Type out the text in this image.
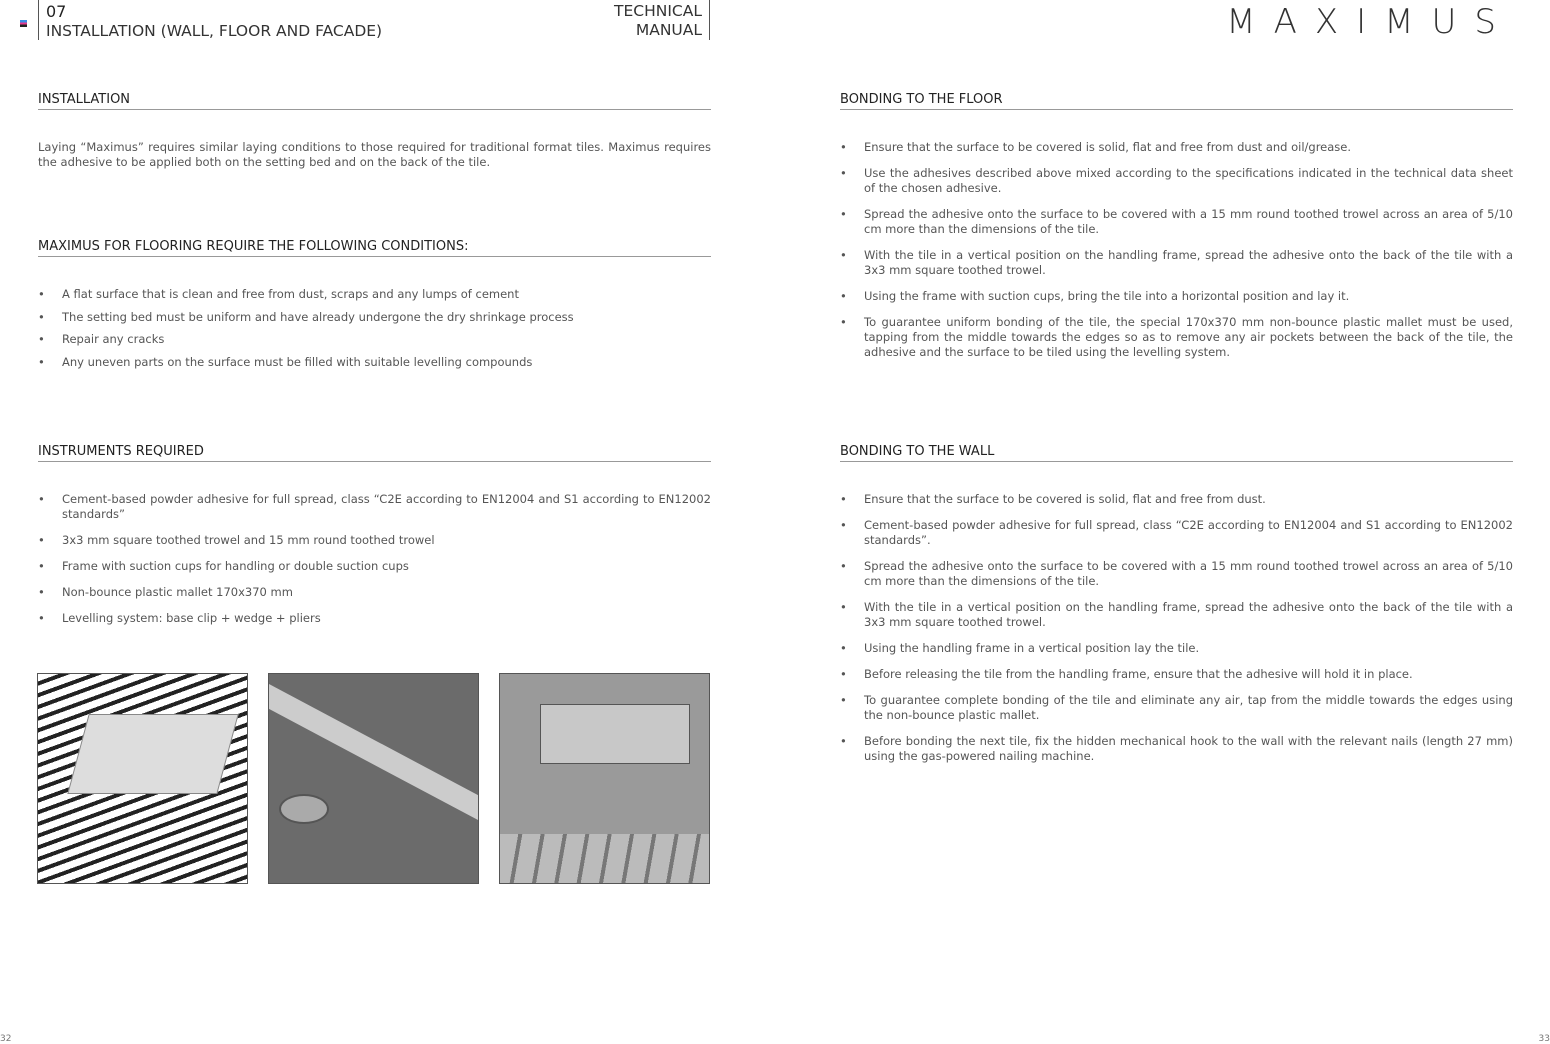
07
INSTALLATION (WALL, FLOOR AND FACADE)
TECHNICAL
MANUAL	MAXIMUS
INSTALLATION

Laying “Maximus” requires similar laying conditions to those required for traditional format tiles. Maximus requires the adhesive to be applied both on the setting bed and on the back of the tile.

MAXIMUS FOR FLOORING REQUIRE THE FOLLOWING CONDITIONS:
• A flat surface that is clean and free from dust, scraps and any lumps of cement
• The setting bed must be uniform and have already undergone the dry shrinkage process
• Repair any cracks
• Any uneven parts on the surface must be filled with suitable levelling compounds
INSTRUMENTS REQUIRED
• Cement-based powder adhesive for full spread, class “C2E according to EN12004 and S1 according to EN12002 standards”
• 3x3 mm square toothed trowel and 15 mm round toothed trowel
• Frame with suction cups for handling or double suction cups
• Non-bounce plastic mallet 170x370 mm
• Levelling system: base clip + wedge + pliers
BONDING TO THE FLOOR
• Ensure that the surface to be covered is solid, flat and free from dust and oil/grease.
• Use the adhesives described above mixed according to the specifications indicated in the technical data sheet of the chosen adhesive.
• Spread the adhesive onto the surface to be covered with a 15 mm round toothed trowel across an area of 5/10 cm more than the dimensions of the tile.
• With the tile in a vertical position on the handling frame, spread the adhesive onto the back of the tile with a 3x3 mm square toothed trowel.
• Using the frame with suction cups, bring the tile into a horizontal position and lay it.
• To guarantee uniform bonding of the tile, the special 170x370 mm non-bounce plastic mallet must be used, tapping from the middle towards the edges so as to remove any air pockets between the back of the tile, the adhesive and the surface to be tiled using the levelling system.
BONDING TO THE WALL
• Ensure that the surface to be covered is solid, flat and free from dust.
• Cement-based powder adhesive for full spread, class “C2E according to EN12004 and S1 according to EN12002 standards”.
• Spread the adhesive onto the surface to be covered with a 15 mm round toothed trowel across an area of 5/10 cm more than the dimensions of the tile.
• With the tile in a vertical position on the handling frame, spread the adhesive onto the back of the tile with a 3x3 mm square toothed trowel.
• Using the handling frame in a vertical position lay the tile.
• Before releasing the tile from the handling frame, ensure that the adhesive will hold it in place.
• To guarantee complete bonding of the tile and eliminate any air, tap from the middle towards the edges using the non-bounce plastic mallet.
• Before bonding the next tile, fix the hidden mechanical hook to the wall with the relevant nails (length 27 mm) using the gas-powered nailing machine.
32	33
